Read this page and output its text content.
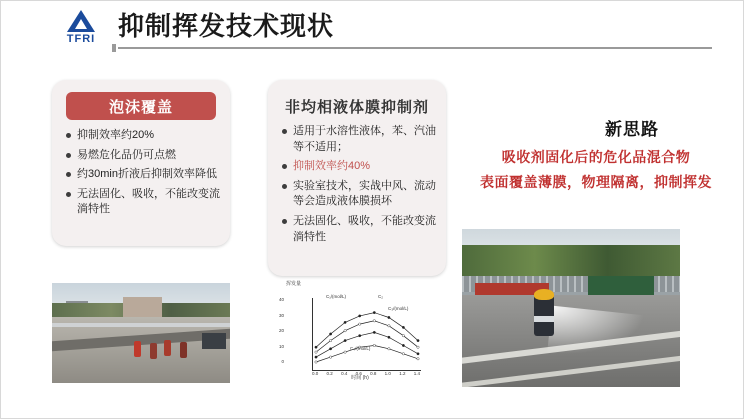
TFRI 抑制挥发技术现状
泡沫覆盖
抑制效率约20%
易燃危化品仍可点燃
约30min折液后抑制效率降低
无法固化、吸收，不能改变流淌特性
非均相液体膜抑制剂
适用于水溶性液体，苯、汽油等不适用；
抑制效率约40%
实验室技术，实战中风、流动等会造成液体膜损坏
无法固化、吸收，不能改变流淌特性
新思路
吸收剂固化后的危化品混合物
表面覆盖薄膜，物理隔离，抑制挥发
挥发量
40
30
20
10
0
0.0 0.2 0.4 0.6 0.8 1.0 1.2 1.4
时间 (h)
C₁/(mol/L)	C₂
C₃/(mol/L)
C₄/(mol/L)
